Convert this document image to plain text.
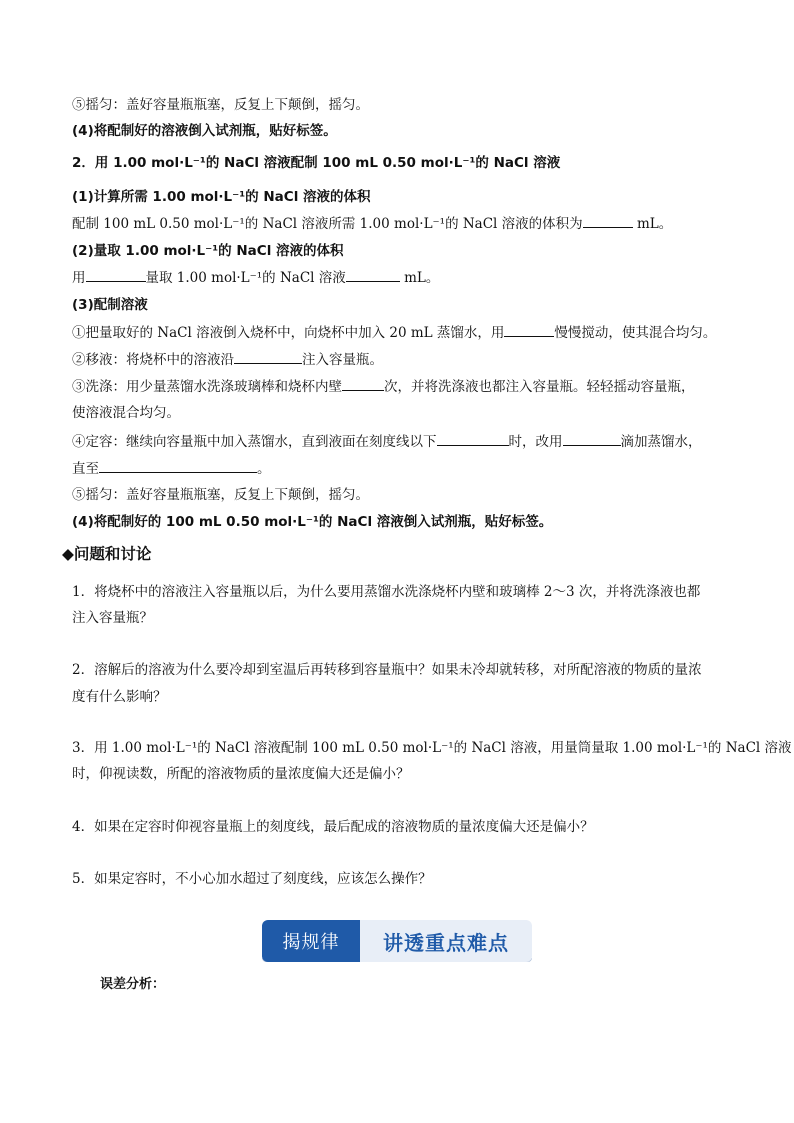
⑤摇匀：盖好容量瓶瓶塞，反复上下颠倒，摇匀。
(4)将配制好的溶液倒入试剂瓶，贴好标签。
2．用 1.00 mol·L⁻¹的 NaCl 溶液配制 100 mL 0.50 mol·L⁻¹的 NaCl 溶液
(1)计算所需 1.00 mol·L⁻¹的 NaCl 溶液的体积
配制 100 mL 0.50 mol·L⁻¹的 NaCl 溶液所需 1.00 mol·L⁻¹的 NaCl 溶液的体积为	mL。
(2)量取 1.00 mol·L⁻¹的 NaCl 溶液的体积
用	量取 1.00 mol·L⁻¹的 NaCl 溶液	mL。
(3)配制溶液
①把量取好的 NaCl 溶液倒入烧杯中，向烧杯中加入 20 mL 蒸馏水，用	慢慢搅动，使其混合均匀。
②移液：将烧杯中的溶液沿	注入容量瓶。
③洗涤：用少量蒸馏水洗涤玻璃棒和烧杯内壁	次，并将洗涤液也都注入容量瓶。轻轻摇动容量瓶，
使溶液混合均匀。
④定容：继续向容量瓶中加入蒸馏水，直到液面在刻度线以下	时，改用	滴加蒸馏水，
直至	。
⑤摇匀：盖好容量瓶瓶塞，反复上下颠倒，摇匀。
(4)将配制好的 100 mL 0.50 mol·L⁻¹的 NaCl 溶液倒入试剂瓶，贴好标签。
◆问题和讨论
1．将烧杯中的溶液注入容量瓶以后，为什么要用蒸馏水洗涤烧杯内壁和玻璃棒 2～3 次，并将洗涤液也都
注入容量瓶？
2．溶解后的溶液为什么要冷却到室温后再转移到容量瓶中？如果未冷却就转移，对所配溶液的物质的量浓
度有什么影响？
3．用 1.00 mol·L⁻¹的 NaCl 溶液配制 100 mL 0.50 mol·L⁻¹的 NaCl 溶液，用量筒量取 1.00 mol·L⁻¹的 NaCl 溶液
时，仰视读数，所配的溶液物质的量浓度偏大还是偏小？
4．如果在定容时仰视容量瓶上的刻度线，最后配成的溶液物质的量浓度偏大还是偏小？
5．如果定容时，不小心加水超过了刻度线，应该怎么操作？
揭规律	讲透重点难点
误差分析：
